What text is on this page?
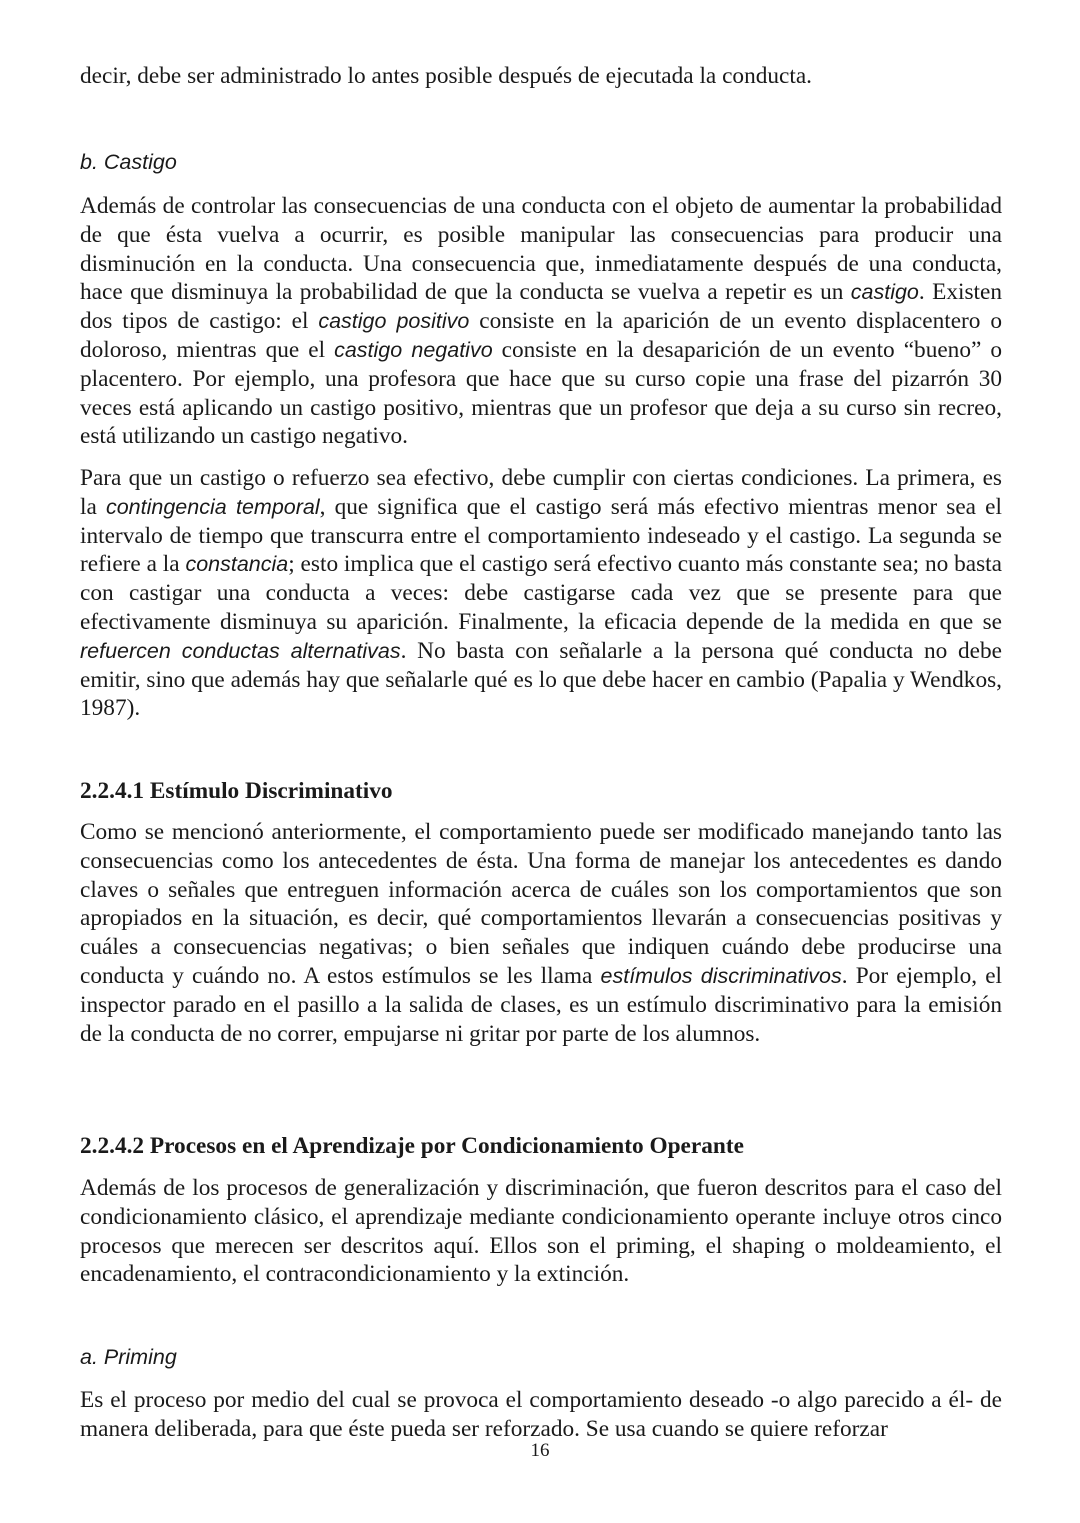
decir, debe ser administrado lo antes posible después de ejecutada la conducta.

b. Castigo

Además de controlar las consecuencias de una conducta con el objeto de aumentar la probabilidad de que ésta vuelva a ocurrir, es posible manipular las consecuencias para producir una disminución en la conducta. Una consecuencia que, inmediatamente después de una conducta, hace que disminuya la probabilidad de que la conducta se vuelva a repetir es un castigo. Existen dos tipos de castigo: el castigo positivo consiste en la aparición de un evento displacentero o doloroso, mientras que el castigo negativo consiste en la desaparición de un evento “bueno” o placentero. Por ejemplo, una profesora que hace que su curso copie una frase del pizarrón 30 veces está aplicando un castigo positivo, mientras que un profesor que deja a su curso sin recreo, está utilizando un castigo negativo.

Para que un castigo o refuerzo sea efectivo, debe cumplir con ciertas condiciones. La primera, es la contingencia temporal, que significa que el castigo será más efectivo mientras menor sea el intervalo de tiempo que transcurra entre el comportamiento indeseado y el castigo. La segunda se refiere a la constancia; esto implica que el castigo será efectivo cuanto más constante sea; no basta con castigar una conducta a veces: debe castigarse cada vez que se presente para que efectivamente disminuya su aparición. Finalmente, la eficacia depende de la medida en que se refuercen conductas alternativas. No basta con señalarle a la persona qué conducta no debe emitir, sino que además hay que señalarle qué es lo que debe hacer en cambio (Papalia y Wendkos, 1987).

2.2.4.1 Estímulo Discriminativo

Como se mencionó anteriormente, el comportamiento puede ser modificado manejando tanto las consecuencias como los antecedentes de ésta. Una forma de manejar los antecedentes es dando claves o señales que entreguen información acerca de cuáles son los comportamientos que son apropiados en la situación, es decir, qué comportamientos llevarán a consecuencias positivas y cuáles a consecuencias negativas; o bien señales que indiquen cuándo debe producirse una conducta y cuándo no. A estos estímulos se les llama estímulos discriminativos. Por ejemplo, el inspector parado en el pasillo a la salida de clases, es un estímulo discriminativo para la emisión de la conducta de no correr, empujarse ni gritar por parte de los alumnos.

2.2.4.2 Procesos en el Aprendizaje por Condicionamiento Operante

Además de los procesos de generalización y discriminación, que fueron descritos para el caso del condicionamiento clásico, el aprendizaje mediante condicionamiento operante incluye otros cinco procesos que merecen ser descritos aquí. Ellos son el priming, el shaping o moldeamiento, el encadenamiento, el contracondicionamiento y la extinción.

a. Priming

Es el proceso por medio del cual se provoca el comportamiento deseado -o algo parecido a él- de manera deliberada, para que éste pueda ser reforzado. Se usa cuando se quiere reforzar

16
